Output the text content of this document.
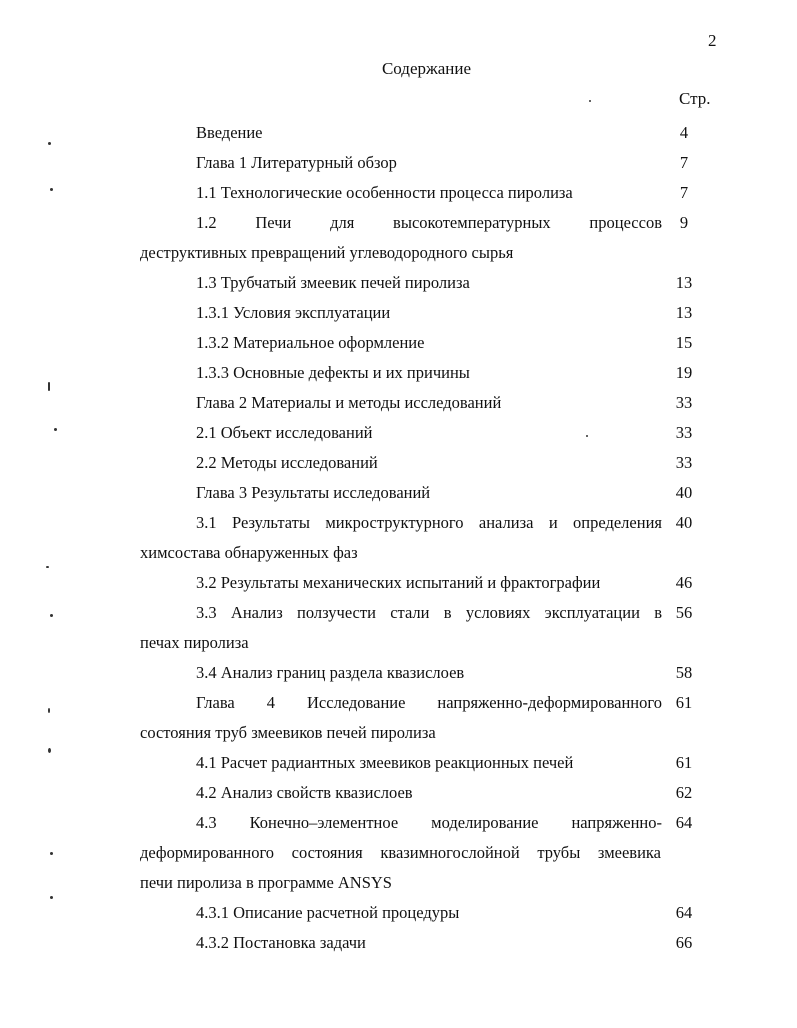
2
Содержание
Стр.
Введение	4
Глава 1 Литературный обзор	7
1.1 Технологические особенности процесса пиролиза	7
1.2 Печи для высокотемпературных процессов	9
деструктивных превращений углеводородного сырья
1.3 Трубчатый змеевик печей пиролиза	13
1.3.1 Условия эксплуатации	13
1.3.2 Материальное оформление	15
1.3.3 Основные дефекты и их причины	19
Глава 2 Материалы и методы исследований	33
2.1 Объект исследований	33
2.2 Методы исследований	33
Глава 3 Результаты исследований	40
3.1 Результаты микроструктурного анализа и определения 40
химсостава обнаруженных фаз
3.2 Результаты механических испытаний и фрактографии	46
3.3 Анализ ползучести стали в условиях эксплуатации в 56
печах пиролиза
3.4 Анализ границ раздела квазислоев	58
Глава 4 Исследование напряженно-деформированного 61
состояния труб змеевиков печей пиролиза
4.1 Расчет радиантных змеевиков реакционных печей	61
4.2 Анализ свойств квазислоев	62
4.3 Конечно–элементное моделирование напряженно- 64
деформированного состояния квазимногослойной трубы змеевика
печи пиролиза в программе ANSYS
4.3.1 Описание расчетной процедуры	64
4.3.2 Постановка задачи	66
